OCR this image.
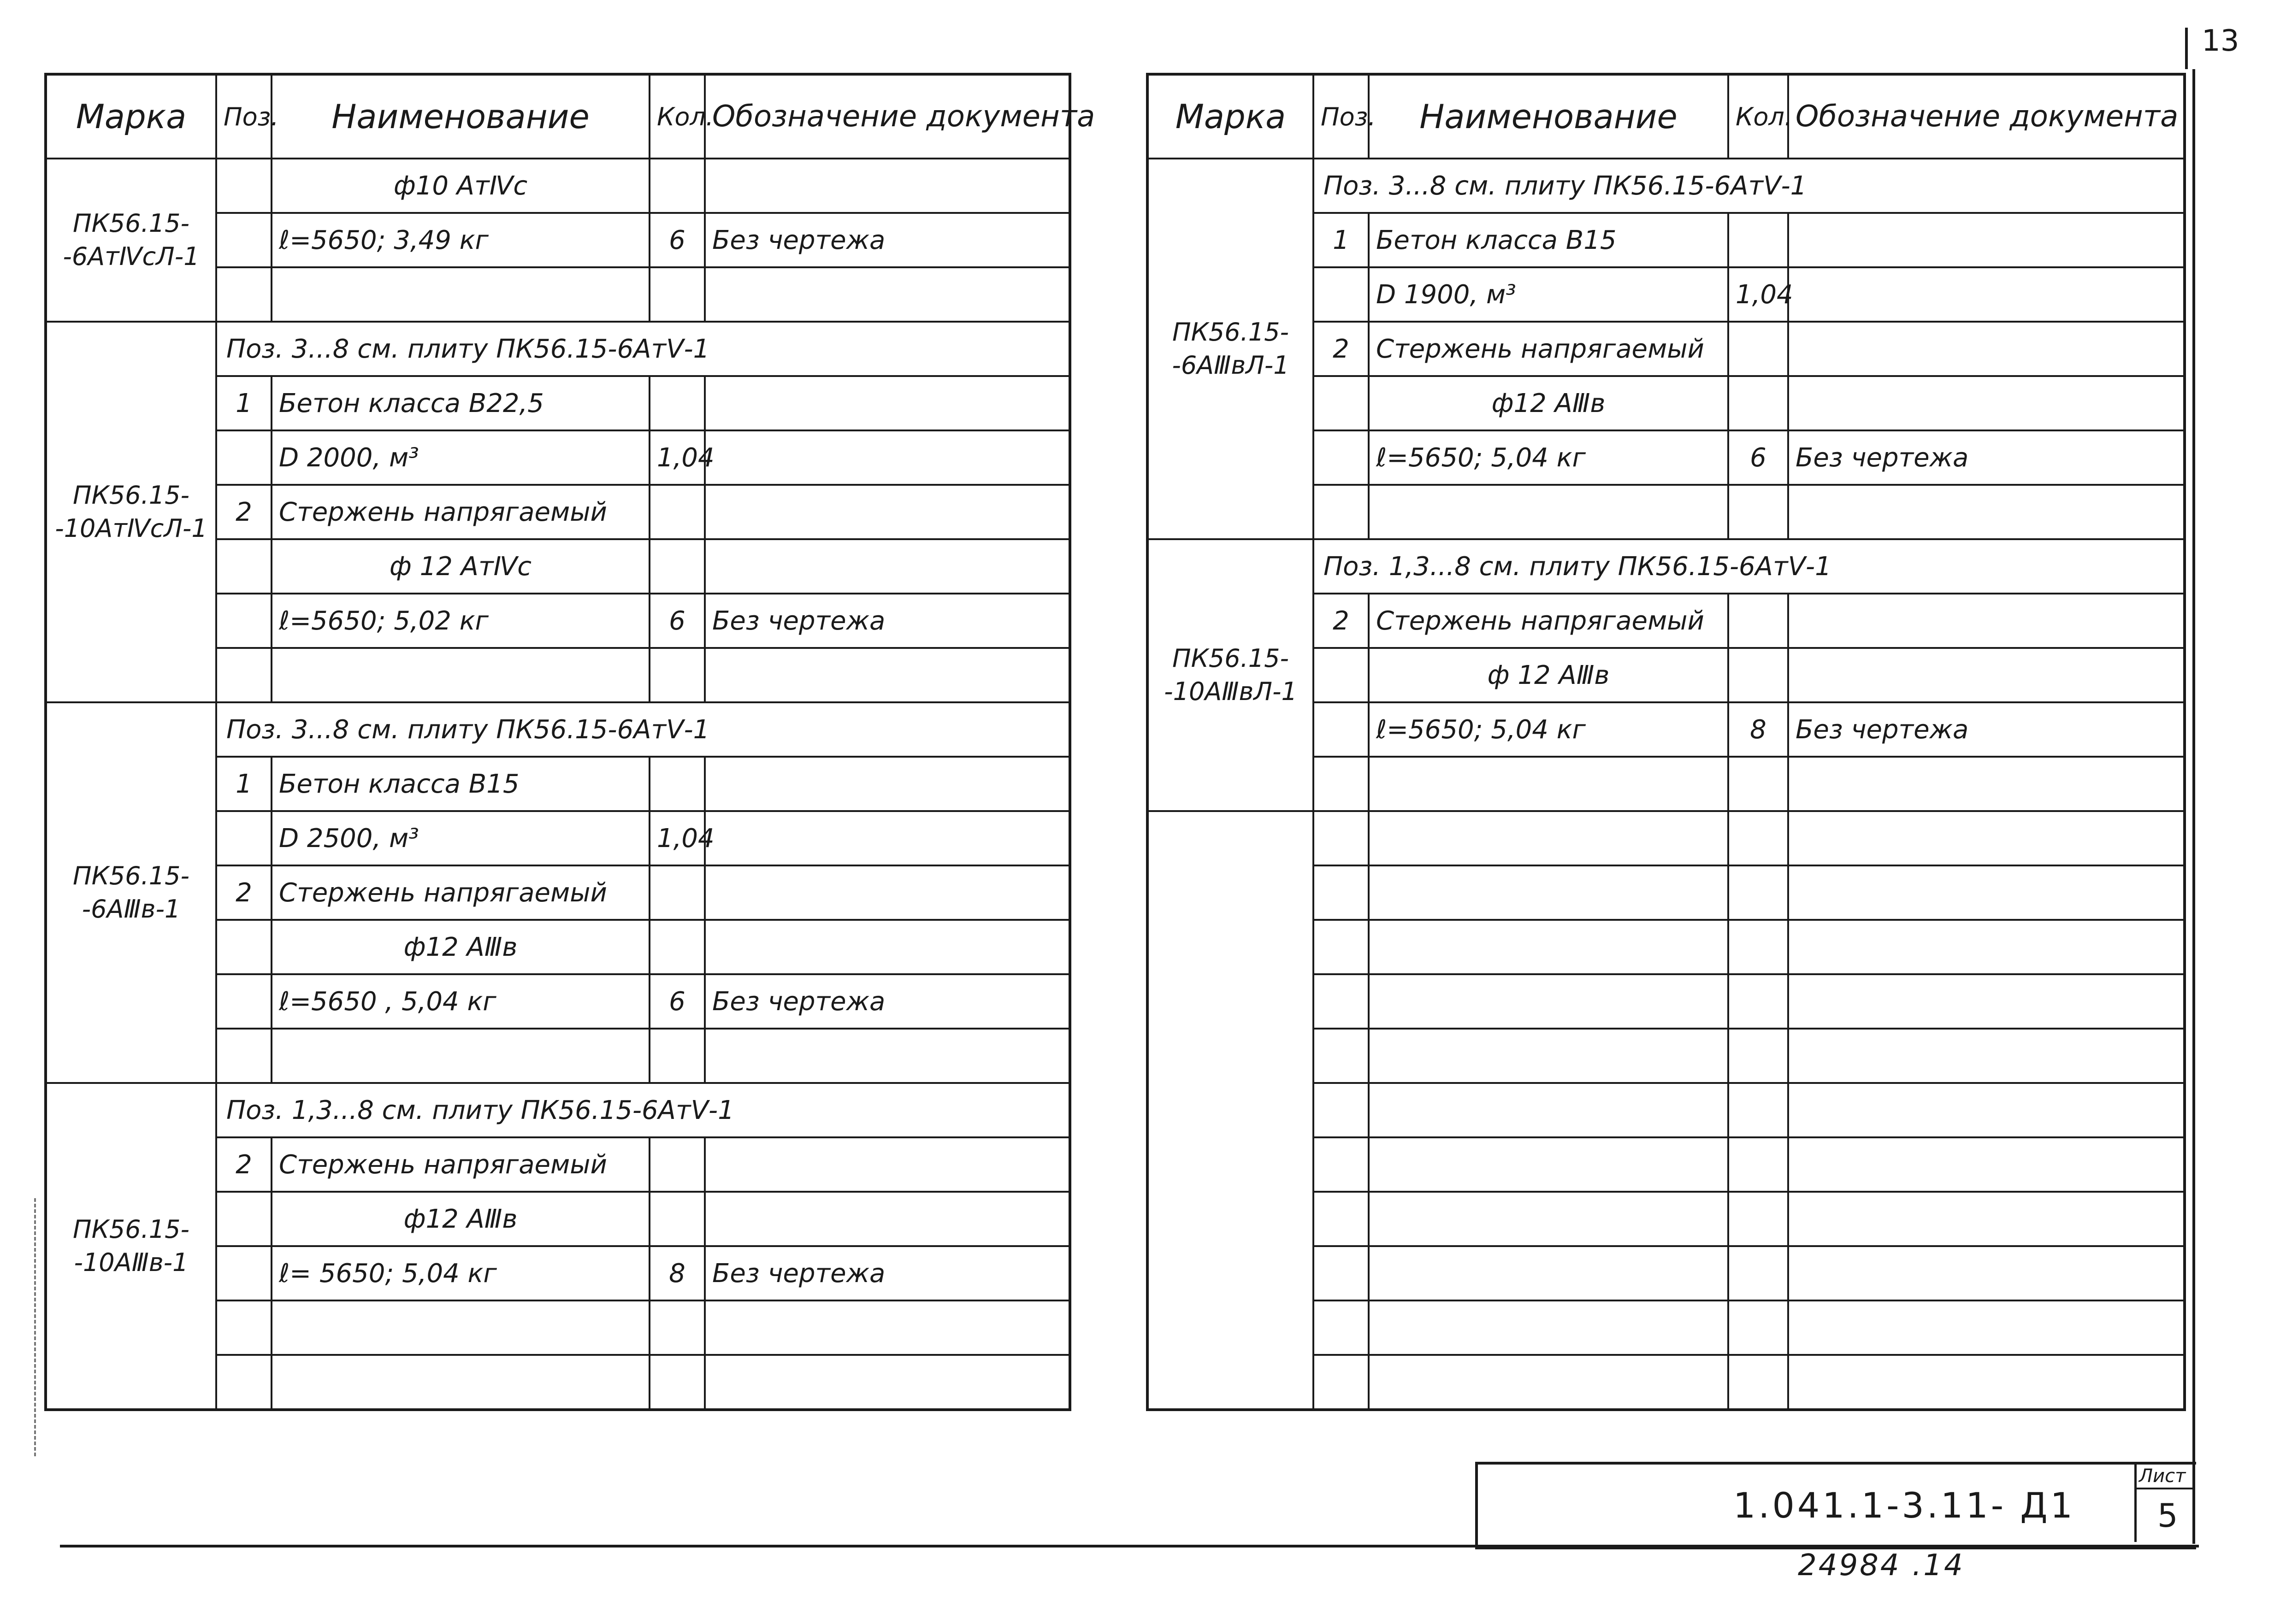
13
Марка	Поз.	Наименование	Кол.	Обозначение документа
ПК56.15-
-6АтⅣсЛ-1		ф10 АтⅣс		
		ℓ=5650; 3,49 кг	6	Без чертежа

ПК56.15-
-10АтⅣсЛ-1	Поз. 3...8 см. плиту ПК56.15-6АтⅤ-1			
	1	Бетон класса В22,5		
		D 2000, м³	1,04	
	2	Стержень напрягаемый		
		ф 12 АтⅣс		
		ℓ=5650; 5,02 кг	6	Без чертежа

ПК56.15-
-6АⅢв-1	Поз. 3...8 см. плиту ПК56.15-6АтⅤ-1			
	1	Бетон класса В15		
		D 2500, м³	1,04	
	2	Стержень напрягаемый		
		ф12 АⅢв		
		ℓ=5650 , 5,04 кг	6	Без чертежа

ПК56.15-
-10АⅢв-1	Поз. 1,3...8 см. плиту ПК56.15-6АтⅤ-1			
	2	Стержень напрягаемый		
		ф12 АⅢв		
		ℓ= 5650; 5,04 кг	8	Без чертежа

Марка	Поз.	Наименование	Кол.	Обозначение документа
ПК56.15-
-6АⅢвЛ-1	Поз. 3...8 см. плиту ПК56.15-6АтⅤ-1			
	1	Бетон класса В15		
		D 1900, м³	1,04	
	2	Стержень напрягаемый		
		ф12 АⅢв		
		ℓ=5650; 5,04 кг	6	Без чертежа

ПК56.15-
-10АⅢвЛ-1	Поз. 1,3...8 см. плиту ПК56.15-6АтⅤ-1			
	2	Стержень напрягаемый		
		ф 12 АⅢв		
		ℓ=5650; 5,04 кг	8	Без чертежа

1.041.1-3.11- Д1
Лист
5
24984 .14
